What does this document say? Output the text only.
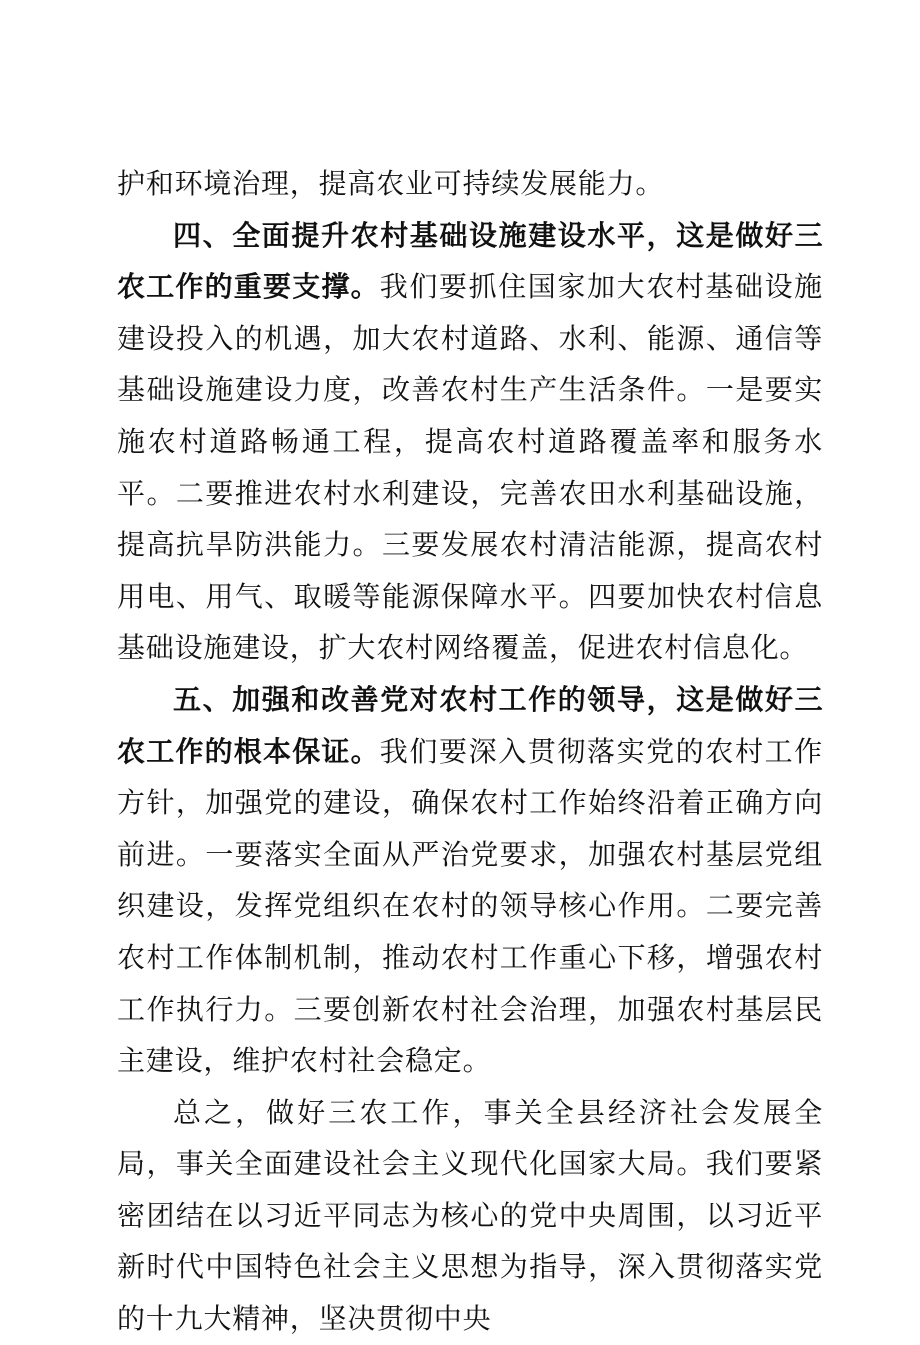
护和环境治理，提高农业可持续发展能力。

四、全面提升农村基础设施建设水平，这是做好三农工作的重要支撑。我们要抓住国家加大农村基础设施建设投入的机遇，加大农村道路、水利、能源、通信等基础设施建设力度，改善农村生产生活条件。一是要实施农村道路畅通工程，提高农村道路覆盖率和服务水平。二要推进农村水利建设，完善农田水利基础设施，提高抗旱防洪能力。三要发展农村清洁能源，提高农村用电、用气、取暖等能源保障水平。四要加快农村信息基础设施建设，扩大农村网络覆盖，促进农村信息化。

五、加强和改善党对农村工作的领导，这是做好三农工作的根本保证。我们要深入贯彻落实党的农村工作方针，加强党的建设，确保农村工作始终沿着正确方向前进。一要落实全面从严治党要求，加强农村基层党组织建设，发挥党组织在农村的领导核心作用。二要完善农村工作体制机制，推动农村工作重心下移，增强农村工作执行力。三要创新农村社会治理，加强农村基层民主建设，维护农村社会稳定。

总之，做好三农工作，事关全县经济社会发展全局，事关全面建设社会主义现代化国家大局。我们要紧密团结在以习近平同志为核心的党中央周围，以习近平新时代中国特色社会主义思想为指导，深入贯彻落实党的十九大精神，坚决贯彻中央
